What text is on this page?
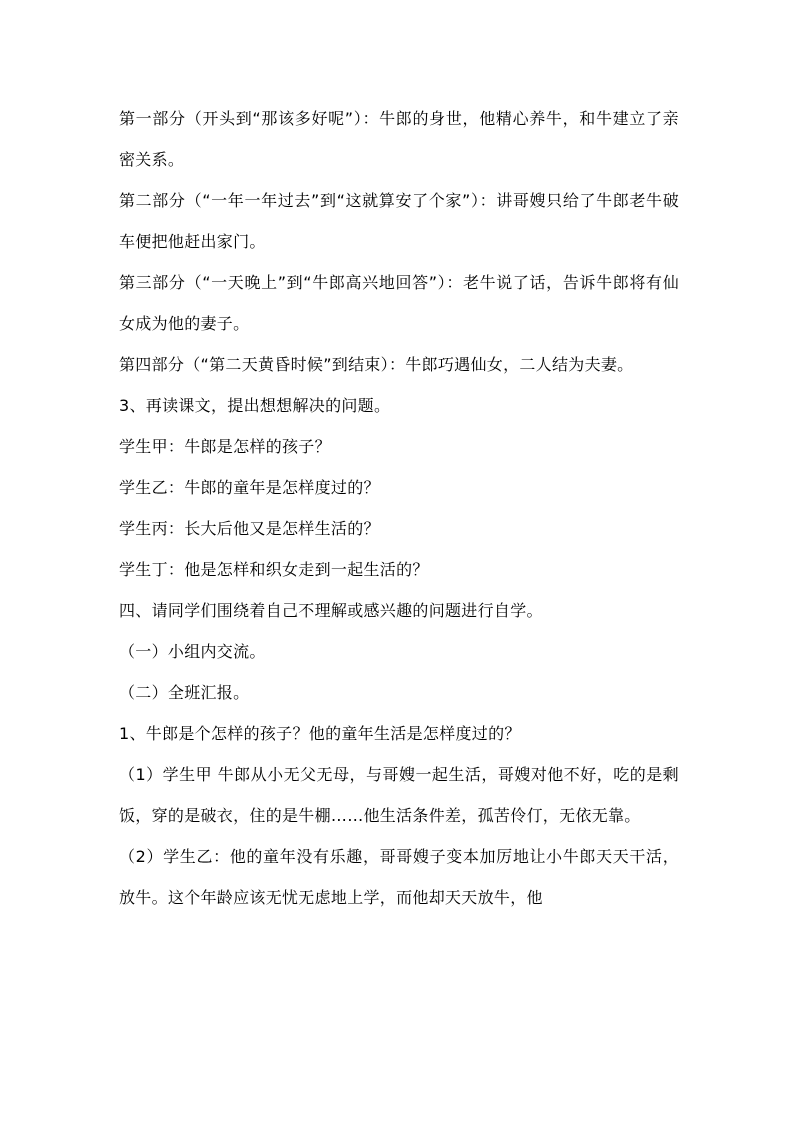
第一部分（开头到“那该多好呢”）：牛郎的身世，他精心养牛，和牛建立了亲密关系。

第二部分（“一年一年过去”到“这就算安了个家”）：讲哥嫂只给了牛郎老牛破车便把他赶出家门。

第三部分（“一天晚上”到“牛郎高兴地回答”）：老牛说了话，告诉牛郎将有仙女成为他的妻子。

第四部分（“第二天黄昏时候”到结束）：牛郎巧遇仙女，二人结为夫妻。

3、再读课文，提出想想解决的问题。

学生甲：牛郎是怎样的孩子？

学生乙：牛郎的童年是怎样度过的？

学生丙：长大后他又是怎样生活的？

学生丁：他是怎样和织女走到一起生活的？

四、请同学们围绕着自己不理解或感兴趣的问题进行自学。

（一）小组内交流。

（二）全班汇报。

1、牛郎是个怎样的孩子？他的童年生活是怎样度过的？

（1）学生甲 牛郎从小无父无母，与哥嫂一起生活，哥嫂对他不好，吃的是剩饭，穿的是破衣，住的是牛棚……他生活条件差，孤苦伶仃，无依无靠。

（2）学生乙：他的童年没有乐趣，哥哥嫂子变本加厉地让小牛郎天天干活，放牛。这个年龄应该无忧无虑地上学，而他却天天放牛，他
